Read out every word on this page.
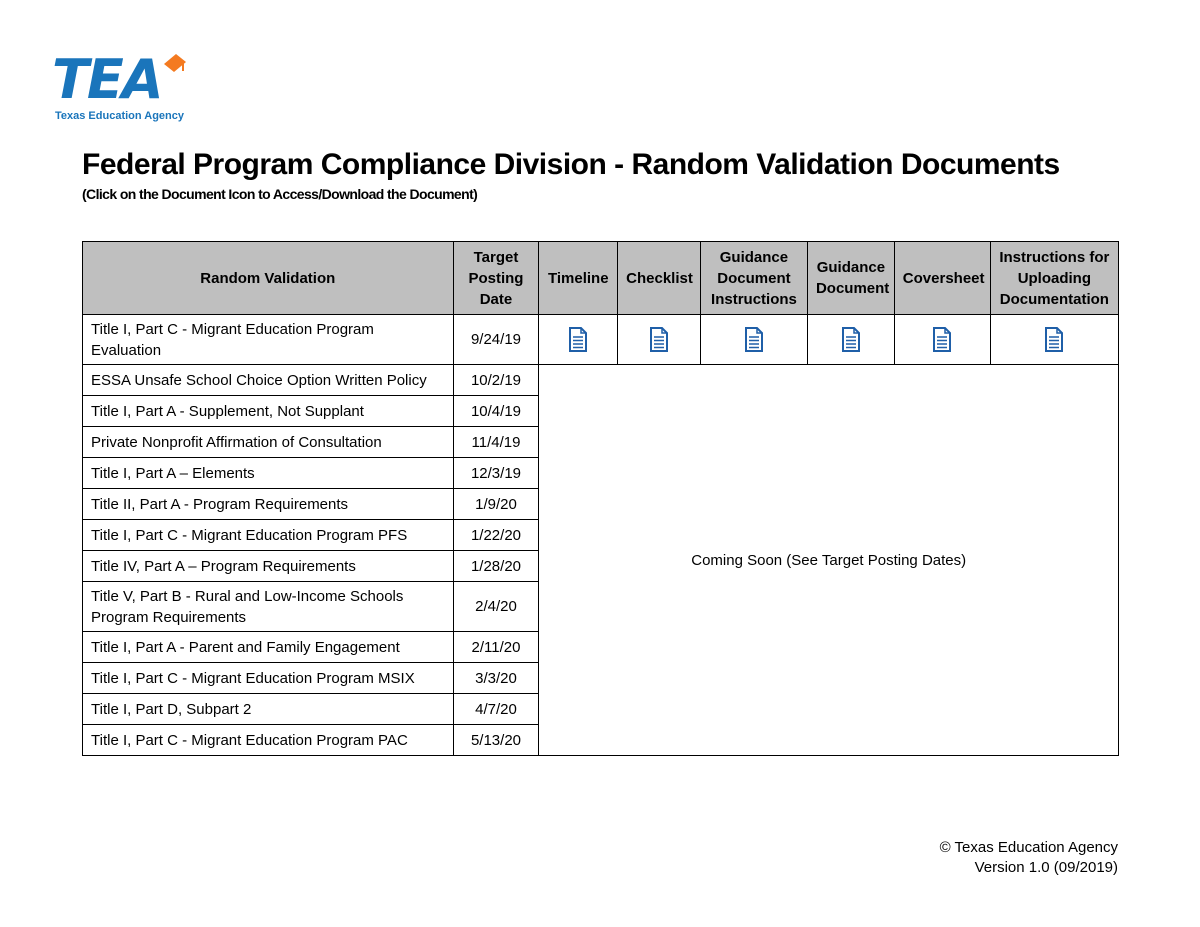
TEA
Texas Education Agency
Federal Program Compliance Division - Random Validation Documents
(Click on the Document Icon to Access/Download the Document)
Random Validation	Target Posting Date	Timeline	Checklist	Guidance Document Instructions	Guidance Document	Coversheet	Instructions for Uploading Documentation
Title I, Part C - Migrant Education Program Evaluation	9/24/19						
ESSA Unsafe School Choice Option Written Policy	10/2/19	Coming Soon (See Target Posting Dates)					
Title I, Part A - Supplement, Not Supplant	10/4/19						
Private Nonprofit Affirmation of Consultation	11/4/19						
Title I, Part A – Elements	12/3/19						
Title II, Part A - Program Requirements	1/9/20						
Title I, Part C - Migrant Education Program PFS	1/22/20						
Title IV, Part A – Program Requirements	1/28/20						
Title V, Part B - Rural and Low-Income Schools Program Requirements	2/4/20						
Title I, Part A - Parent and Family Engagement	2/11/20						
Title I, Part C - Migrant Education Program MSIX	3/3/20						
Title I, Part D, Subpart 2	4/7/20						
Title I, Part C - Migrant Education Program PAC	5/13/20						
© Texas Education Agency
Version 1.0 (09/2019)
